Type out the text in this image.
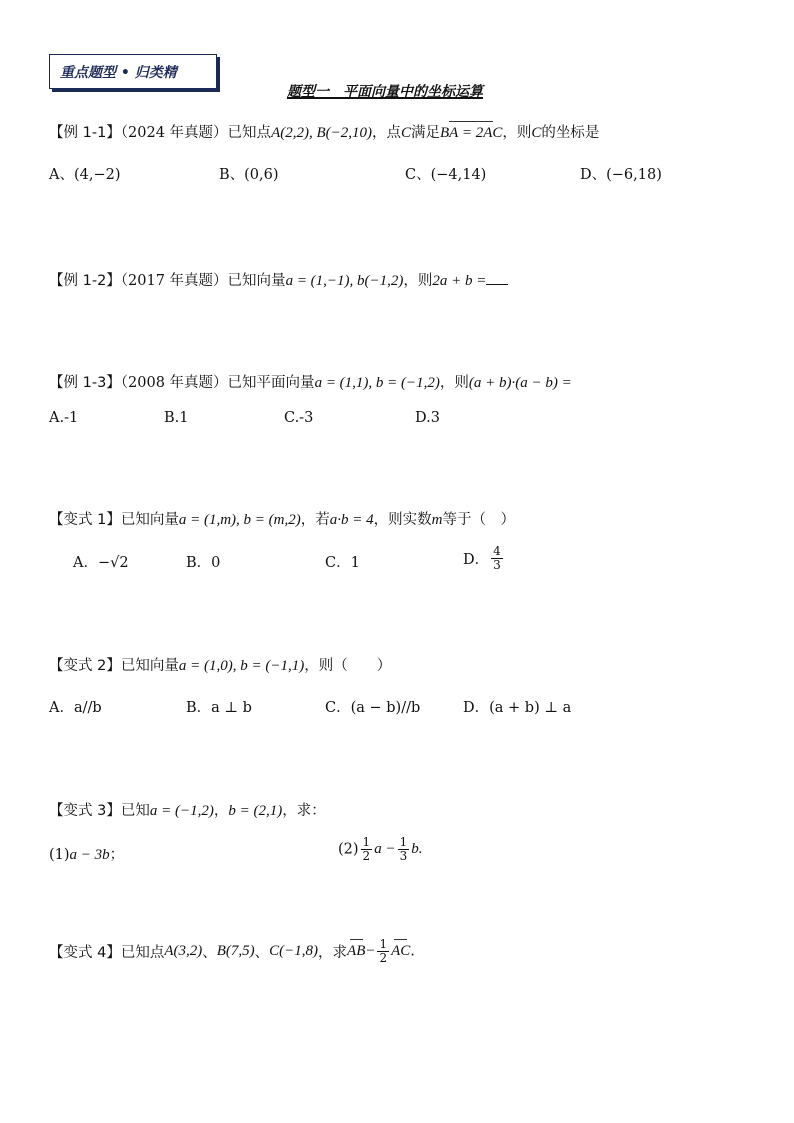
重点题型 • 归类精
题型一　平面向量中的坐标运算
【例 1-1】（2024 年真题）已知点A(2,2), B(−2,10)，点C满足BA = 2AC，则C的坐标是
A、(4,−2)	B、(0,6)	C、(−4,14)	D、(−6,18)
【例 1-2】（2017 年真题）已知向量a = (1,−1), b(−1,2)，则2a + b =
【例 1-3】（2008 年真题）已知平面向量a = (1,1), b = (−1,2)，则(a + b)·(a − b) =
A.-1	B.1	C.-3	D.3
【变式 1】已知向量a = (1,m), b = (m,2)，若a·b = 4，则实数m等于（　）
A．−√2	B．0	C．1	D． $\frac{4}{3}$
【变式 2】已知向量a = (1,0), b = (−1,1)，则（　　）
A．a//b	B．a ⊥ b	C．(a − b)//b	D．(a + b) ⊥ a
【变式 3】已知a = (−1,2)，b = (2,1)，求：
(1)a − 3b；	$(2) \frac{1}{2}$ $a - \frac{1}{3} b$.
【变式 4】已知点A(3,2)、B(7,5)、C(−1,8)，求$AB- \frac{1}{2}$ AC.
